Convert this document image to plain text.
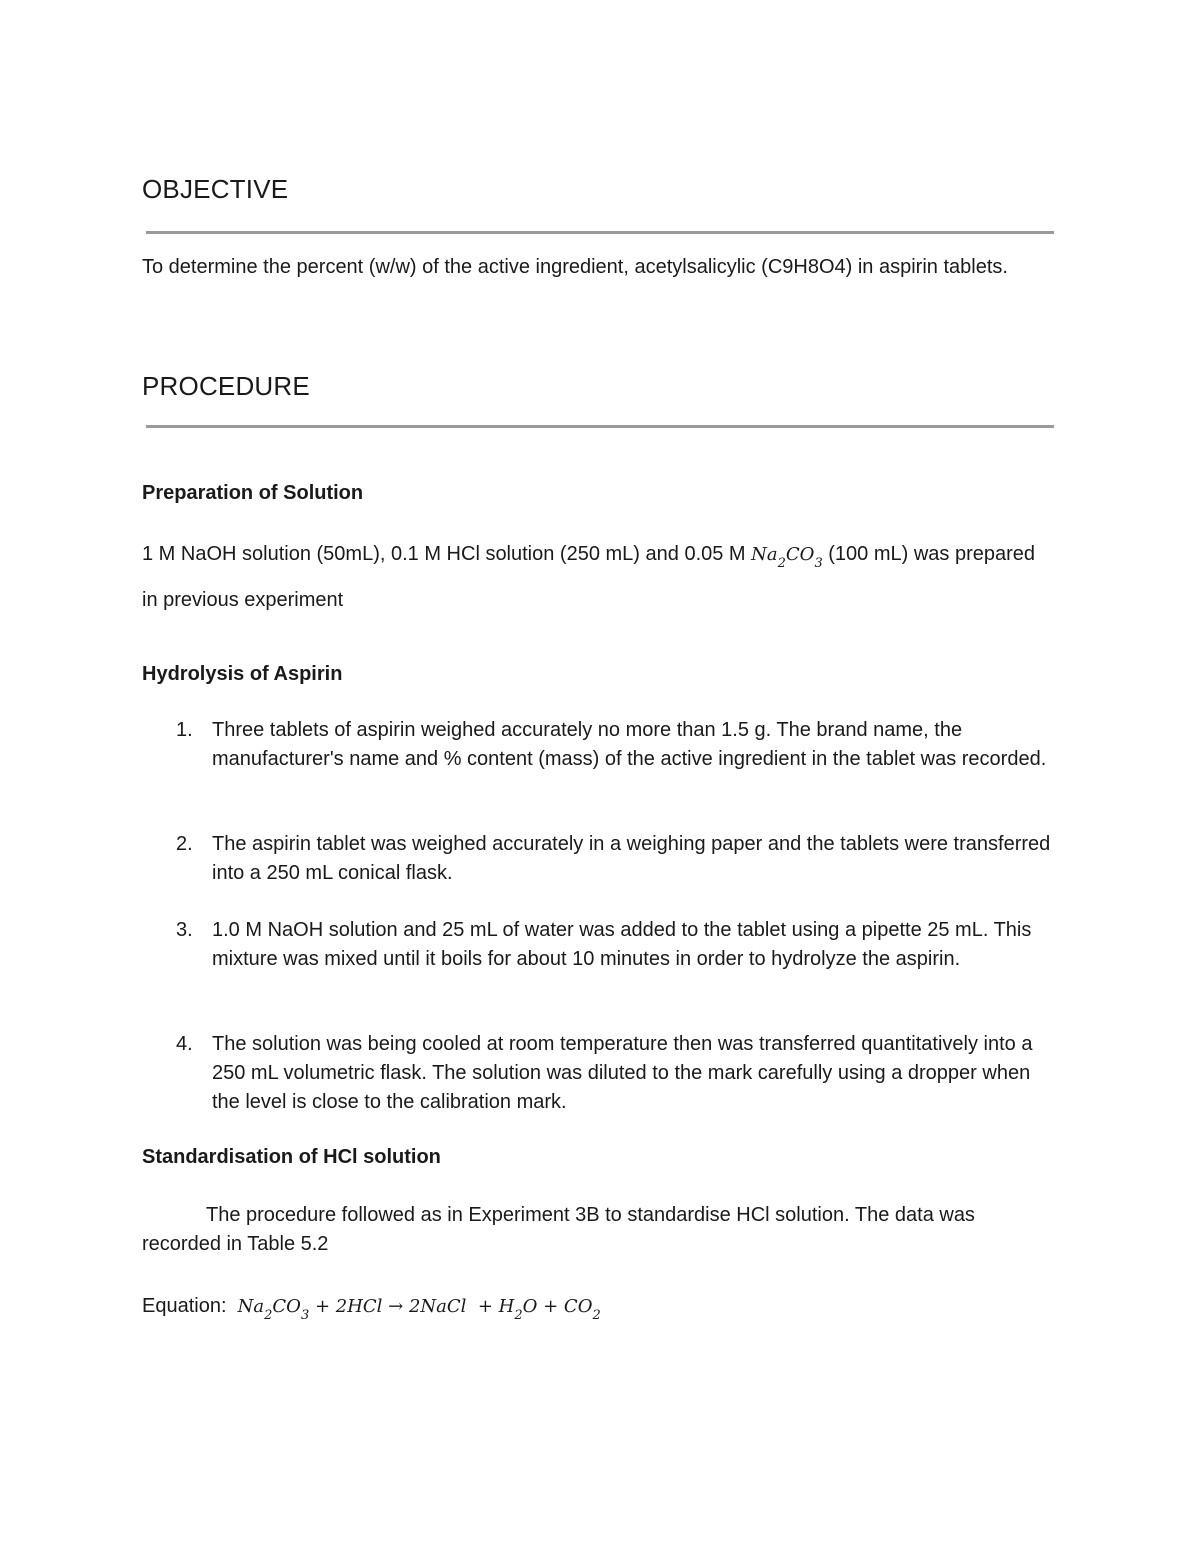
OBJECTIVE

To determine the percent (w/w) of the active ingredient, acetylsalicylic (C9H8O4) in aspirin tablets.

PROCEDURE
Preparation of Solution

1 M NaOH solution (50mL), 0.1 M HCl solution (250 mL) and 0.05 M $Na_2CO_3$ (100 mL) was prepared in previous experiment

Hydrolysis of Aspirin
1. Three tablets of aspirin weighed accurately no more than 1.5 g. The brand name, the manufacturer's name and % content (mass) of the active ingredient in the tablet was recorded.
2. The aspirin tablet was weighed accurately in a weighing paper and the tablets were transferred into a 250 mL conical flask.
3. 1.0 M NaOH solution and 25 mL of water was added to the tablet using a pipette 25 mL. This mixture was mixed until it boils for about 10 minutes in order to hydrolyze the aspirin.
4. The solution was being cooled at room temperature then was transferred quantitatively into a 250 mL volumetric flask. The solution was diluted to the mark carefully using a dropper when the level is close to the calibration mark.
Standardisation of HCl solution

The procedure followed as in Experiment 3B to standardise HCl solution. The data was recorded in Table 5.2

Equation: $Na_2CO_3 + 2HCl$ → 2NaCl  + $H_2O + CO_2$
